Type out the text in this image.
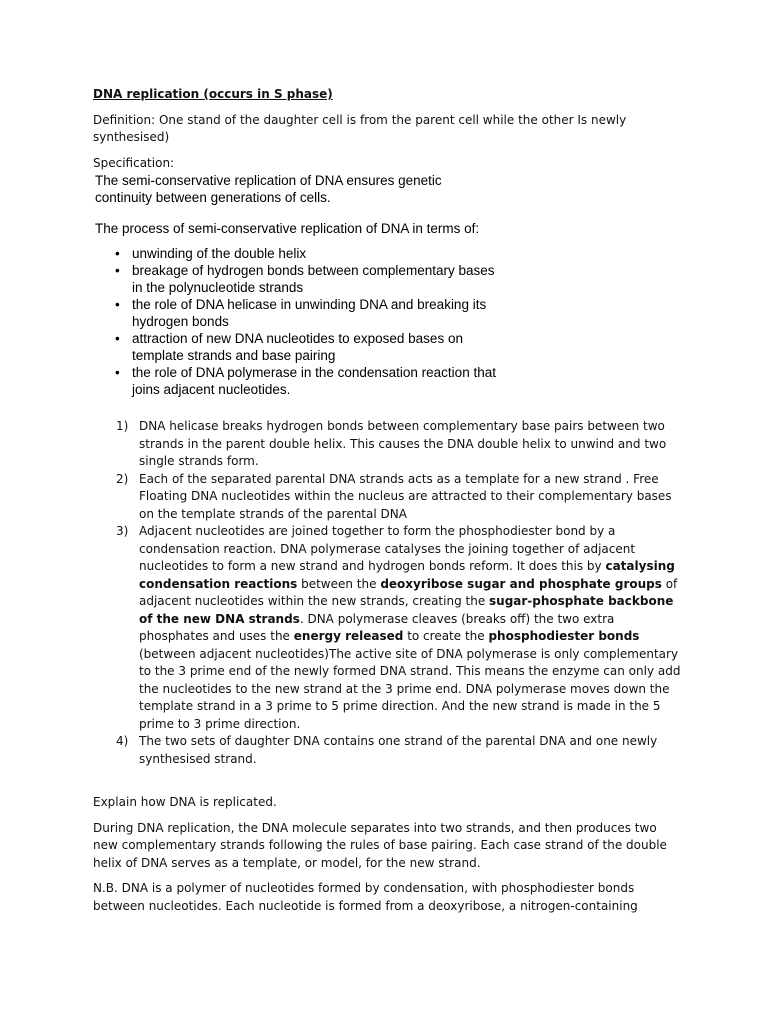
DNA replication (occurs in S phase)

Definition: One stand of the daughter cell is from the parent cell while the other Is newly synthesised)

Specification:

The semi-conservative replication of DNA ensures genetic
continuity between generations of cells.

The process of semi-conservative replication of DNA in terms of:

• unwinding of the double helix
• breakage of hydrogen bonds between complementary bases
in the polynucleotide strands
• the role of DNA helicase in unwinding DNA and breaking its
hydrogen bonds
• attraction of new DNA nucleotides to exposed bases on
template strands and base pairing
• the role of DNA polymerase in the condensation reaction that
joins adjacent nucleotides.
1) DNA helicase breaks hydrogen bonds between complementary base pairs between two strands in the parent double helix. This causes the DNA double helix to unwind and two single strands form.
2) Each of the separated parental DNA strands acts as a template for a new strand . Free Floating DNA nucleotides within the nucleus are attracted to their complementary bases on the template strands of the parental DNA
3) Adjacent nucleotides are joined together to form the phosphodiester bond by a condensation reaction. DNA polymerase catalyses the joining together of adjacent nucleotides to form a new strand and hydrogen bonds reform. It does this by catalysing condensation reactions between the deoxyribose sugar and phosphate groups of adjacent nucleotides within the new strands, creating the sugar-phosphate backbone of the new DNA strands. DNA polymerase cleaves (breaks off) the two extra phosphates and uses the energy released to create the phosphodiester bonds (between adjacent nucleotides)The active site of DNA polymerase is only complementary to the 3 prime end of the newly formed DNA strand. This means the enzyme can only add the nucleotides to the new strand at the 3 prime end. DNA polymerase moves down the template strand in a 3 prime to 5 prime direction. And the new strand is made in the 5 prime to 3 prime direction.
4) The two sets of daughter DNA contains one strand of the parental DNA and one newly synthesised strand.

Explain how DNA is replicated.

During DNA replication, the DNA molecule separates into two strands, and then produces two new complementary strands following the rules of base pairing. Each case strand of the double helix of DNA serves as a template, or model, for the new strand.

N.B. DNA is a polymer of nucleotides formed by condensation, with phosphodiester bonds between nucleotides. Each nucleotide is formed from a deoxyribose, a nitrogen-containing
